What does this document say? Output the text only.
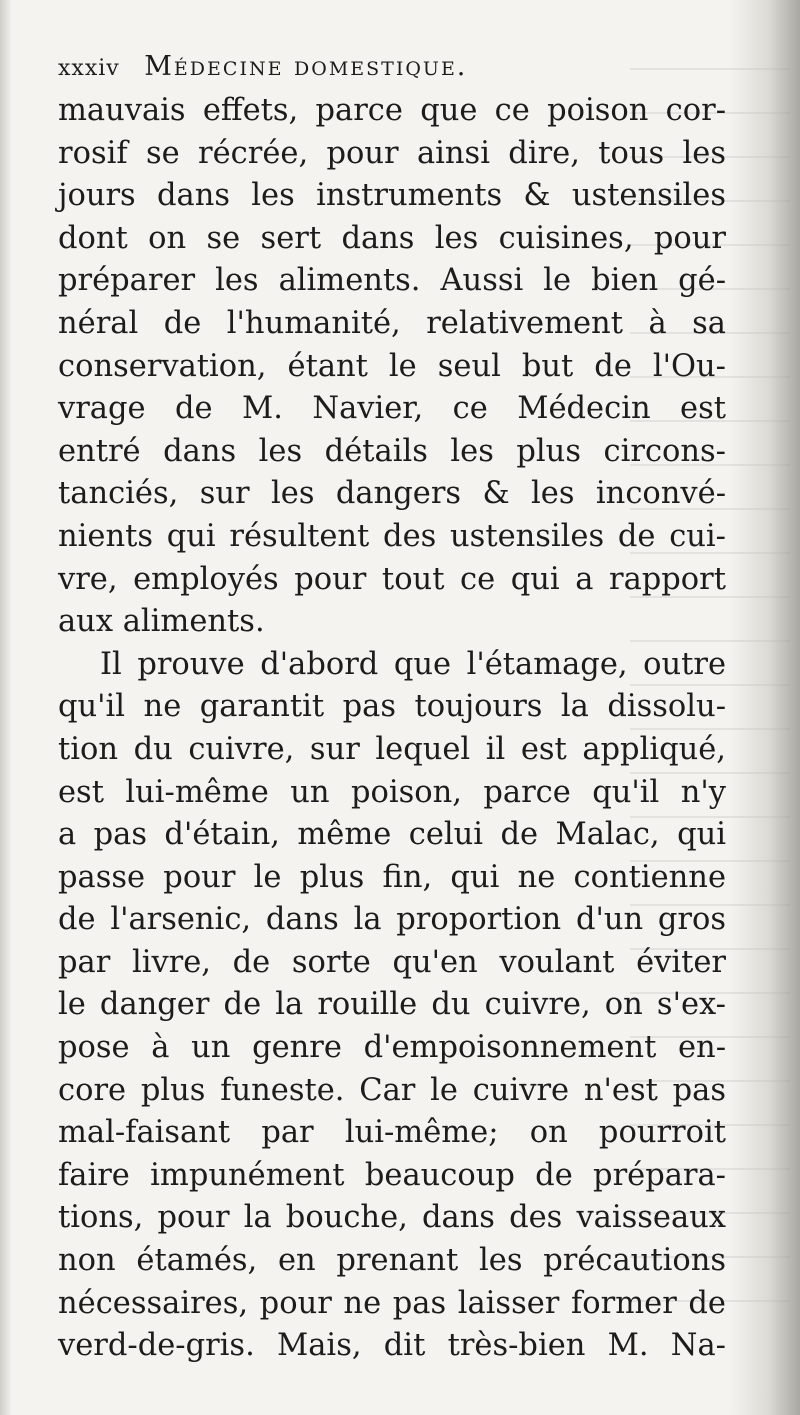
xxxiv Médecine domestique.
mauvais effets, parce que ce poison cor-
rosif se récrée, pour ainsi dire, tous les
jours dans les instruments & ustensiles
dont on se sert dans les cuisines, pour
préparer les aliments. Aussi le bien gé-
néral de l'humanité, relativement à sa
conservation, étant le seul but de l'Ou-
vrage de M. Navier, ce Médecin est
entré dans les détails les plus circons-
tanciés, sur les dangers & les inconvé-
nients qui résultent des ustensiles de cui-
vre, employés pour tout ce qui a rapport
aux aliments.
Il prouve d'abord que l'étamage, outre
qu'il ne garantit pas toujours la dissolu-
tion du cuivre, sur lequel il est appliqué,
est lui-même un poison, parce qu'il n'y
a pas d'étain, même celui de Malac, qui
passe pour le plus fin, qui ne contienne
de l'arsenic, dans la proportion d'un gros
par livre, de sorte qu'en voulant éviter
le danger de la rouille du cuivre, on s'ex-
pose à un genre d'empoisonnement en-
core plus funeste. Car le cuivre n'est pas
mal-faisant par lui-même; on pourroit
faire impunément beaucoup de prépara-
tions, pour la bouche, dans des vaisseaux
non étamés, en prenant les précautions
nécessaires, pour ne pas laisser former de
verd-de-gris. Mais, dit très-bien M. Na-
